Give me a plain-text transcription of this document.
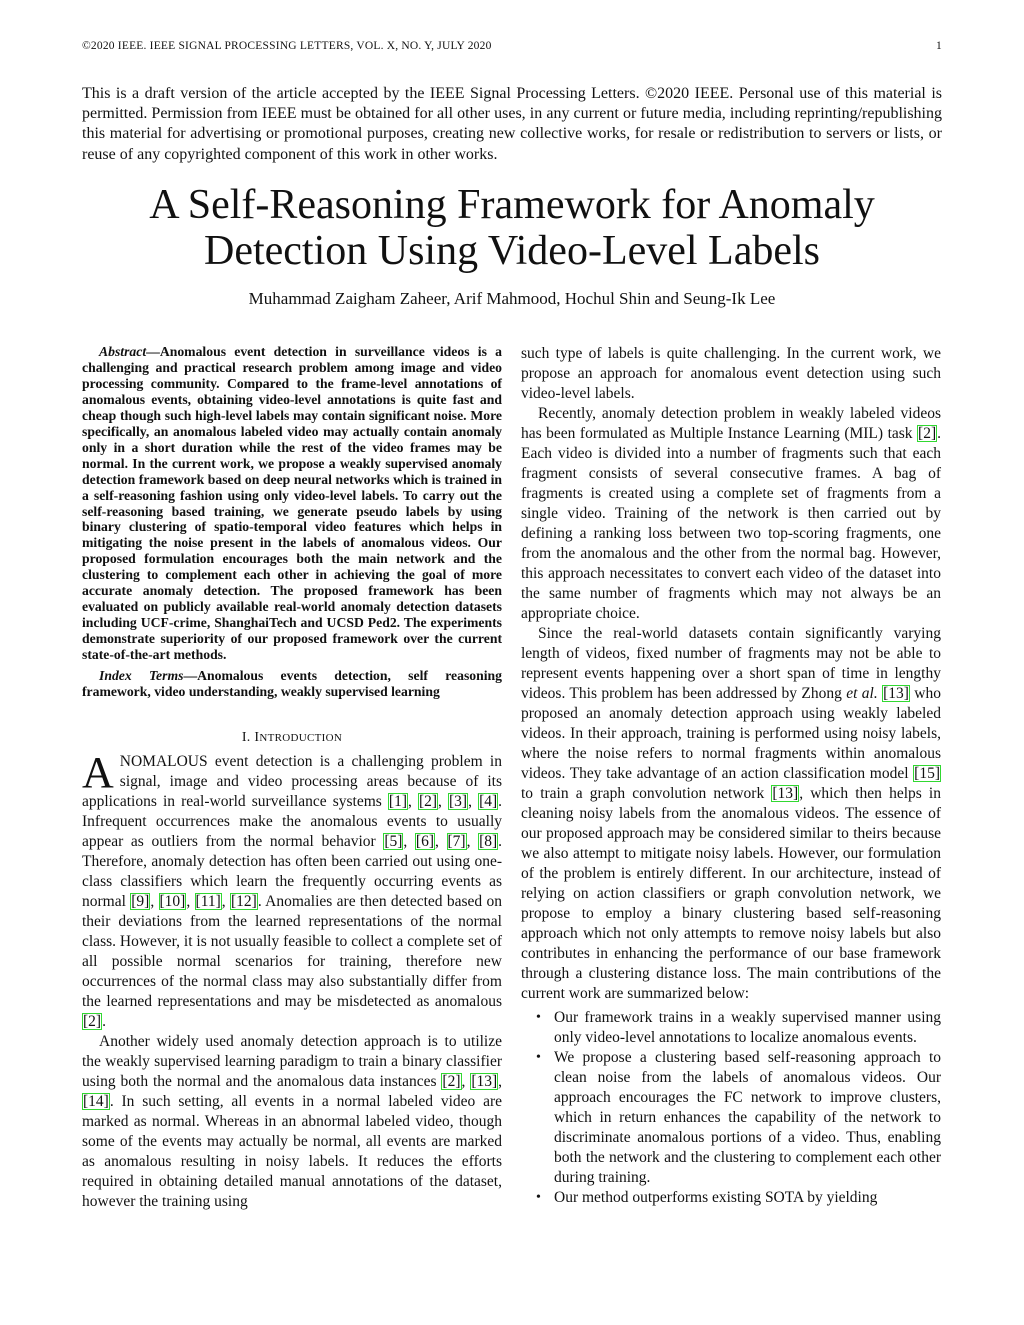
©2020 IEEE. IEEE SIGNAL PROCESSING LETTERS, VOL. X, NO. Y, JULY 2020	1

This is a draft version of the article accepted by the IEEE Signal Processing Letters. ©2020 IEEE. Personal use of this material is permitted. Permission from IEEE must be obtained for all other uses, in any current or future media, including reprinting/republishing this material for advertising or promotional purposes, creating new collective works, for resale or redistribution to servers or lists, or reuse of any copyrighted component of this work in other works.

A Self-Reasoning Framework for Anomaly
Detection Using Video-Level Labels
Muhammad Zaigham Zaheer, Arif Mahmood, Hochul Shin and Seung-Ik Lee

Abstract—Anomalous event detection in surveillance videos is a challenging and practical research problem among image and video processing community. Compared to the frame-level annotations of anomalous events, obtaining video-level annotations is quite fast and cheap though such high-level labels may contain significant noise. More specifically, an anomalous labeled video may actually contain anomaly only in a short duration while the rest of the video frames may be normal. In the current work, we propose a weakly supervised anomaly detection framework based on deep neural networks which is trained in a self-reasoning fashion using only video-level labels. To carry out the self-reasoning based training, we generate pseudo labels by using binary clustering of spatio-temporal video features which helps in mitigating the noise present in the labels of anomalous videos. Our proposed formulation encourages both the main network and the clustering to complement each other in achieving the goal of more accurate anomaly detection. The proposed framework has been evaluated on publicly available real-world anomaly detection datasets including UCF-crime, ShanghaiTech and UCSD Ped2. The experiments demonstrate superiority of our proposed framework over the current state-of-the-art methods.

Index Terms—Anomalous events detection, self reasoning framework, video understanding, weakly supervised learning

I. INTRODUCTION

ANOMALOUS event detection is a challenging problem in signal, image and video processing areas because of its applications in real-world surveillance systems [1], [2], [3], [4]. Infrequent occurrences make the anomalous events to usually appear as outliers from the normal behavior [5], [6], [7], [8]. Therefore, anomaly detection has often been carried out using one-class classifiers which learn the frequently occurring events as normal [9], [10], [11], [12]. Anomalies are then detected based on their deviations from the learned representations of the normal class. However, it is not usually feasible to collect a complete set of all possible normal scenarios for training, therefore new occurrences of the normal class may also substantially differ from the learned representations and may be misdetected as anomalous [2].

Another widely used anomaly detection approach is to utilize the weakly supervised learning paradigm to train a binary classifier using both the normal and the anomalous data instances [2], [13], [14]. In such setting, all events in a normal labeled video are marked as normal. Whereas in an abnormal labeled video, though some of the events may actually be normal, all events are marked as anomalous resulting in noisy labels. It reduces the efforts required in obtaining detailed manual annotations of the dataset, however the training using

such type of labels is quite challenging. In the current work, we propose an approach for anomalous event detection using such video-level labels.

Recently, anomaly detection problem in weakly labeled videos has been formulated as Multiple Instance Learning (MIL) task [2]. Each video is divided into a number of fragments such that each fragment consists of several consecutive frames. A bag of fragments is created using a complete set of fragments from a single video. Training of the network is then carried out by defining a ranking loss between two top-scoring fragments, one from the anomalous and the other from the normal bag. However, this approach necessitates to convert each video of the dataset into the same number of fragments which may not always be an appropriate choice.

Since the real-world datasets contain significantly varying length of videos, fixed number of fragments may not be able to represent events happening over a short span of time in lengthy videos. This problem has been addressed by Zhong et al. [13] who proposed an anomaly detection approach using weakly labeled videos. In their approach, training is performed using noisy labels, where the noise refers to normal fragments within anomalous videos. They take advantage of an action classification model [15] to train a graph convolution network [13], which then helps in cleaning noisy labels from the anomalous videos. The essence of our proposed approach may be considered similar to theirs because we also attempt to mitigate noisy labels. However, our formulation of the problem is entirely different. In our architecture, instead of relying on action classifiers or graph convolution network, we propose to employ a binary clustering based self-reasoning approach which not only attempts to remove noisy labels but also contributes in enhancing the performance of our base framework through a clustering distance loss. The main contributions of the current work are summarized below:

• Our framework trains in a weakly supervised manner using only video-level annotations to localize anomalous events.
• We propose a clustering based self-reasoning approach to clean noise from the labels of anomalous videos. Our approach encourages the FC network to improve clusters, which in return enhances the capability of the network to discriminate anomalous portions of a video. Thus, enabling both the network and the clustering to complement each other during training.
• Our method outperforms existing SOTA by yielding
